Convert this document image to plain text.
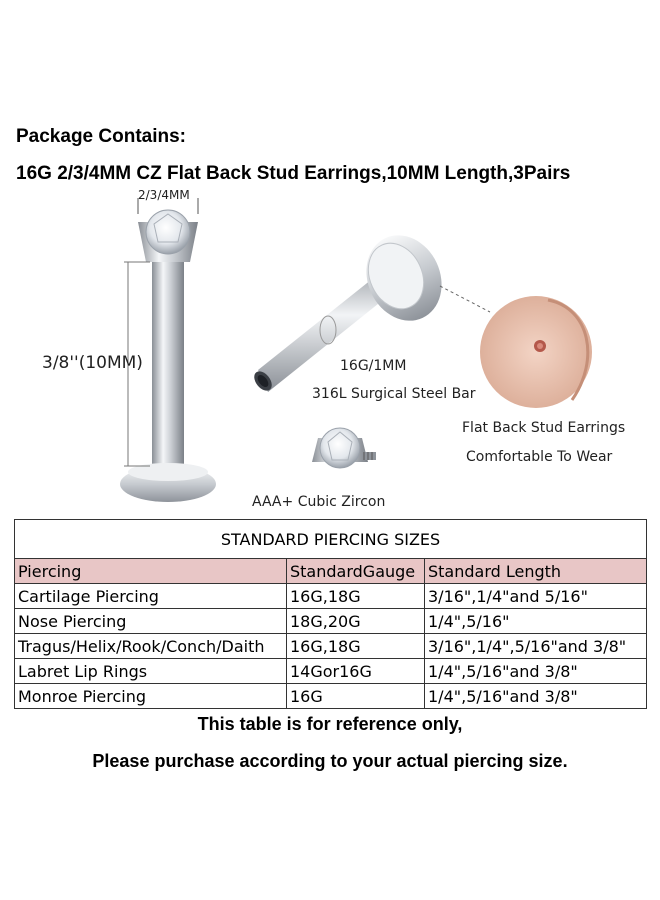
Package Contains:
16G 2/3/4MM CZ Flat Back Stud Earrings,10MM Length,3Pairs
2/3/4MM
3/8''(10MM)	16G/1MM
316L Surgical Steel Bar
AAA+ Cubic Zircon
Flat Back Stud Earrings
Comfortable To Wear
STANDARD PIERCING SIZES		
Piercing	StandardGauge	Standard Length
Cartilage Piercing	16G,18G	3/16",1/4"and 5/16"
Nose Piercing	18G,20G	1/4",5/16"
Tragus/Helix/Rook/Conch/Daith	16G,18G	3/16",1/4",5/16"and 3/8"
Labret Lip Rings	14Gor16G	1/4",5/16"and 3/8"
Monroe Piercing	16G	1/4",5/16"and 3/8"
This table is for reference only,
Please purchase according to your actual piercing size.
